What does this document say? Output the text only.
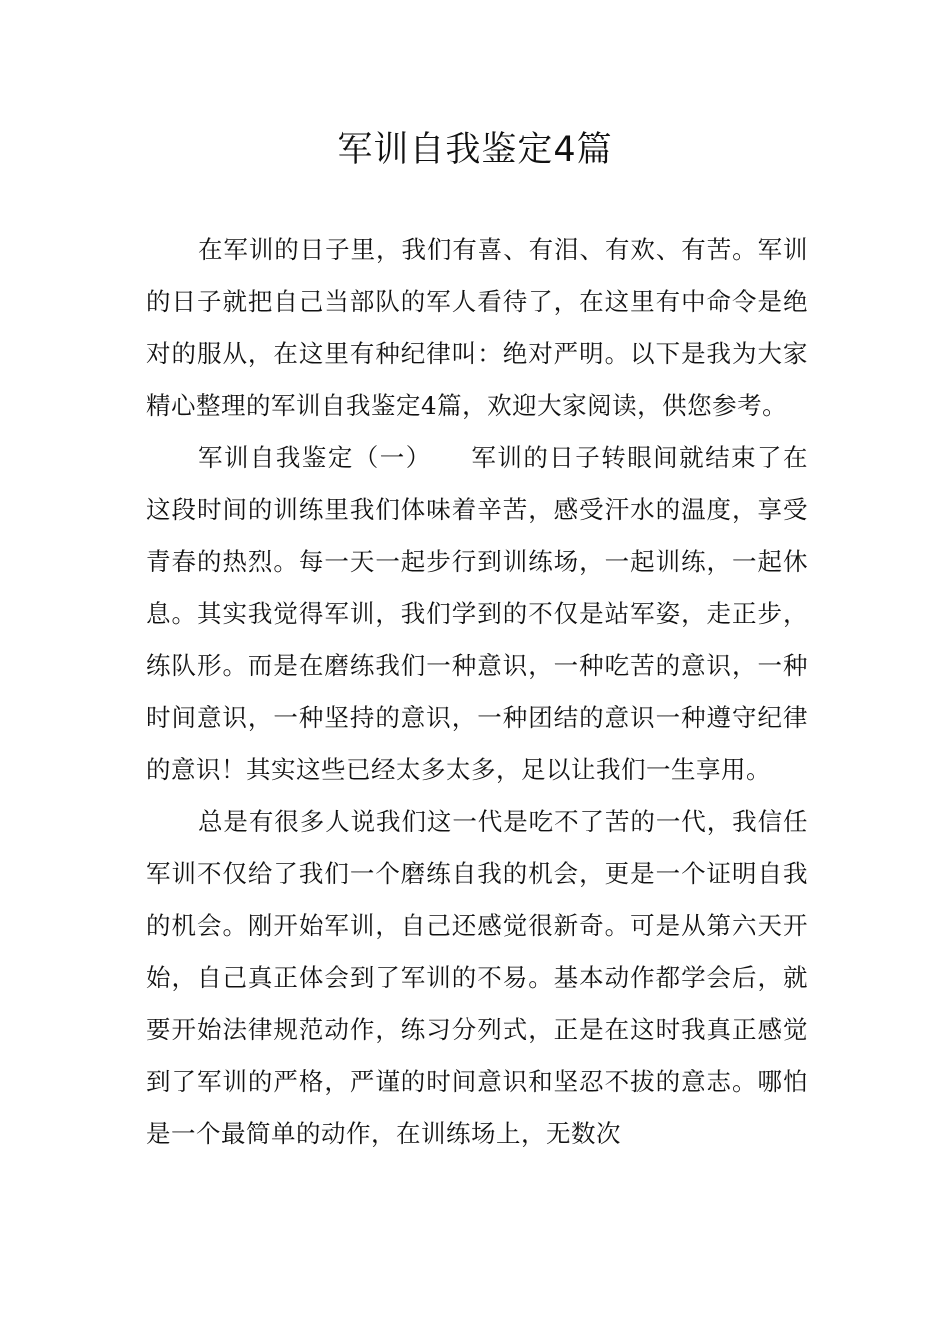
军训自我鉴定4篇

在军训的日子里，我们有喜、有泪、有欢、有苦。军训的日子就把自己当部队的军人看待了，在这里有中命令是绝对的服从，在这里有种纪律叫：绝对严明。以下是我为大家精心整理的军训自我鉴定4篇，欢迎大家阅读，供您参考。

军训自我鉴定（一）　　军训的日子转眼间就结束了在这段时间的训练里我们体味着辛苦，感受汗水的温度，享受青春的热烈。每一天一起步行到训练场，一起训练，一起休息。其实我觉得军训，我们学到的不仅是站军姿，走正步，练队形。而是在磨练我们一种意识，一种吃苦的意识，一种时间意识，一种坚持的意识，一种团结的意识一种遵守纪律的意识！其实这些已经太多太多，足以让我们一生享用。

总是有很多人说我们这一代是吃不了苦的一代，我信任军训不仅给了我们一个磨练自我的机会，更是一个证明自我的机会。刚开始军训，自己还感觉很新奇。可是从第六天开始，自己真正体会到了军训的不易。基本动作都学会后，就要开始法律规范动作，练习分列式，正是在这时我真正感觉到了军训的严格，严谨的时间意识和坚忍不拔的意志。哪怕是一个最简单的动作，在训练场上，无数次
